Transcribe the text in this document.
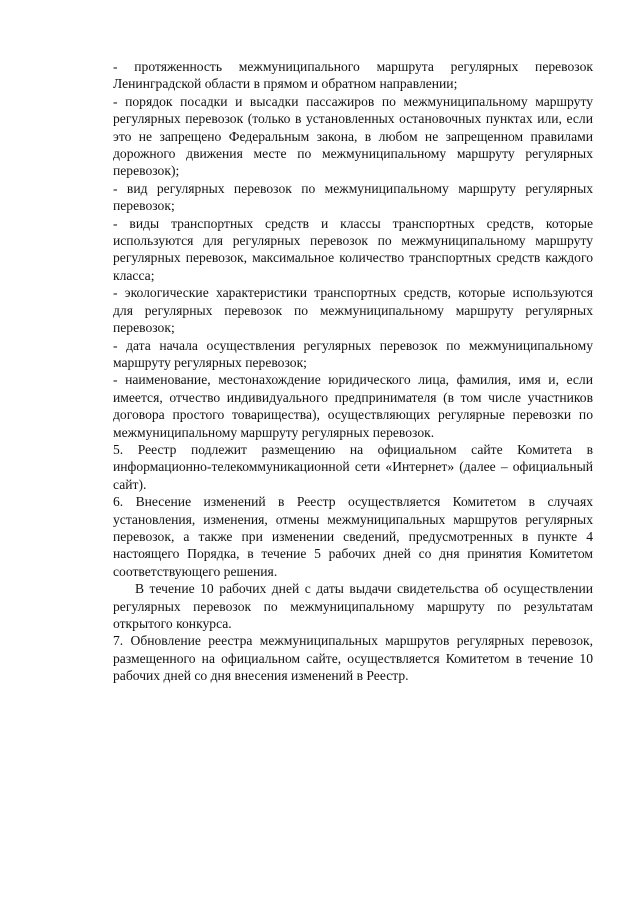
- протяженность межмуниципального маршрута регулярных перевозок Ленинградской области в прямом и обратном направлении;

- порядок посадки и высадки пассажиров по межмуниципальному маршруту регулярных перевозок (только в установленных остановочных пунктах или, если это не запрещено Федеральным закона, в любом не запрещенном правилами дорожного движения месте по межмуниципальному маршруту регулярных перевозок);

- вид регулярных перевозок по межмуниципальному маршруту регулярных перевозок;

- виды транспортных средств и классы транспортных средств, которые используются для регулярных перевозок по межмуниципальному маршруту регулярных перевозок, максимальное количество транспортных средств каждого класса;

- экологические характеристики транспортных средств, которые используются для регулярных перевозок по межмуниципальному маршруту регулярных перевозок;

- дата начала осуществления регулярных перевозок по межмуниципальному маршруту регулярных перевозок;

- наименование, местонахождение юридического лица, фамилия, имя и, если имеется, отчество индивидуального предпринимателя (в том числе участников договора простого товарищества), осуществляющих регулярные перевозки по межмуниципальному маршруту регулярных перевозок.

5. Реестр подлежит размещению на официальном сайте Комитета в информационно-телекоммуникационной сети «Интернет» (далее – официальный сайт).

6. Внесение изменений в Реестр осуществляется Комитетом в случаях установления, изменения, отмены межмуниципальных маршрутов регулярных перевозок, а также при изменении сведений, предусмотренных в пункте 4 настоящего Порядка, в течение 5 рабочих дней со дня принятия Комитетом соответствующего решения.

В течение 10 рабочих дней с даты выдачи свидетельства об осуществлении регулярных перевозок по межмуниципальному маршруту по результатам открытого конкурса.

7. Обновление реестра межмуниципальных маршрутов регулярных перевозок, размещенного на официальном сайте, осуществляется Комитетом в течение 10 рабочих дней со дня внесения изменений в Реестр.
